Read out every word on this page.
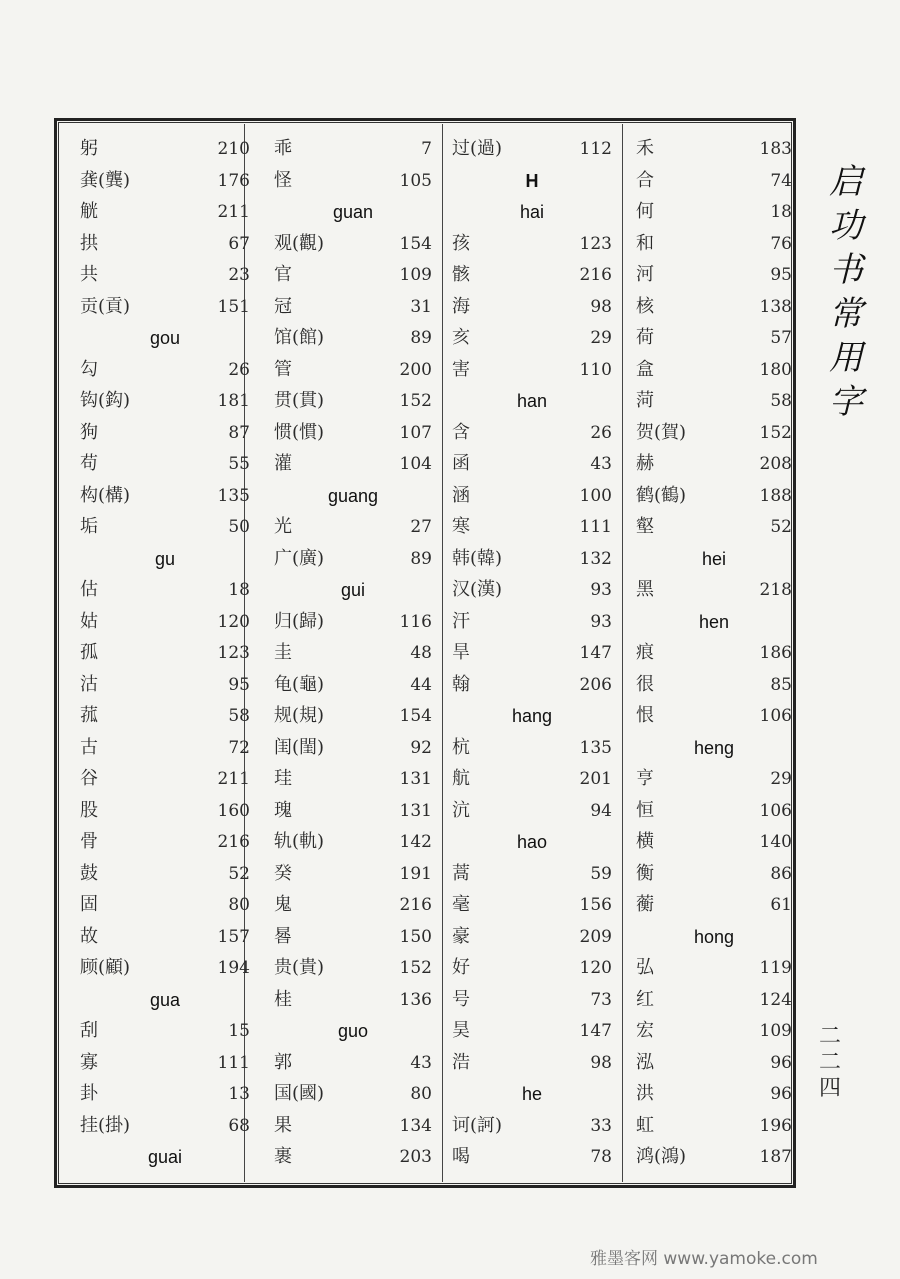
躬	210
龚(龔)	176
觥	211
拱	67
共	23
贡(貢)	151
gou
勾	26
钩(鈎)	181
狗	87
苟	55
构(構)	135
垢	50
gu
估	18
姑	120
孤	123
沽	95
菰	58
古	72
谷	211
股	160
骨	216
鼓	52
固	80
故	157
顾(顧)	194
gua
刮	15
寡	111
卦	13
挂(掛)	68
guai
乖	7
怪	105
guan
观(觀)	154
官	109
冠	31
馆(館)	89
管	200
贯(貫)	152
惯(慣)	107
灌	104
guang
光	27
广(廣)	89
gui
归(歸)	116
圭	48
龟(龜)	44
规(規)	154
闺(閨)	92
珪	131
瑰	131
轨(軌)	142
癸	191
鬼	216
晷	150
贵(貴)	152
桂	136
guo
郭	43
国(國)	80
果	134
裹	203
过(過)	112
H
hai
孩	123
骸	216
海	98
亥	29
害	110
han
含	26
函	43
涵	100
寒	111
韩(韓)	132
汉(漢)	93
汗	93
旱	147
翰	206
hang
杭	135
航	201
沆	94
hao
蒿	59
毫	156
豪	209
好	120
号	73
昊	147
浩	98
he
诃(訶)	33
喝	78
禾	183
合	74
何	18
和	76
河	95
核	138
荷	57
盒	180
菏	58
贺(賀)	152
赫	208
鹤(鶴)	188
壑	52
hei
黑	218
hen
痕	186
很	85
恨	106
heng
亨	29
恒	106
横	140
衡	86
蘅	61
hong
弘	119
红	124
宏	109
泓	96
洪	96
虹	196
鸿(鴻)	187
启
功
书
常
用
字
二
二
四
雅墨客网 www.yamoke.com
